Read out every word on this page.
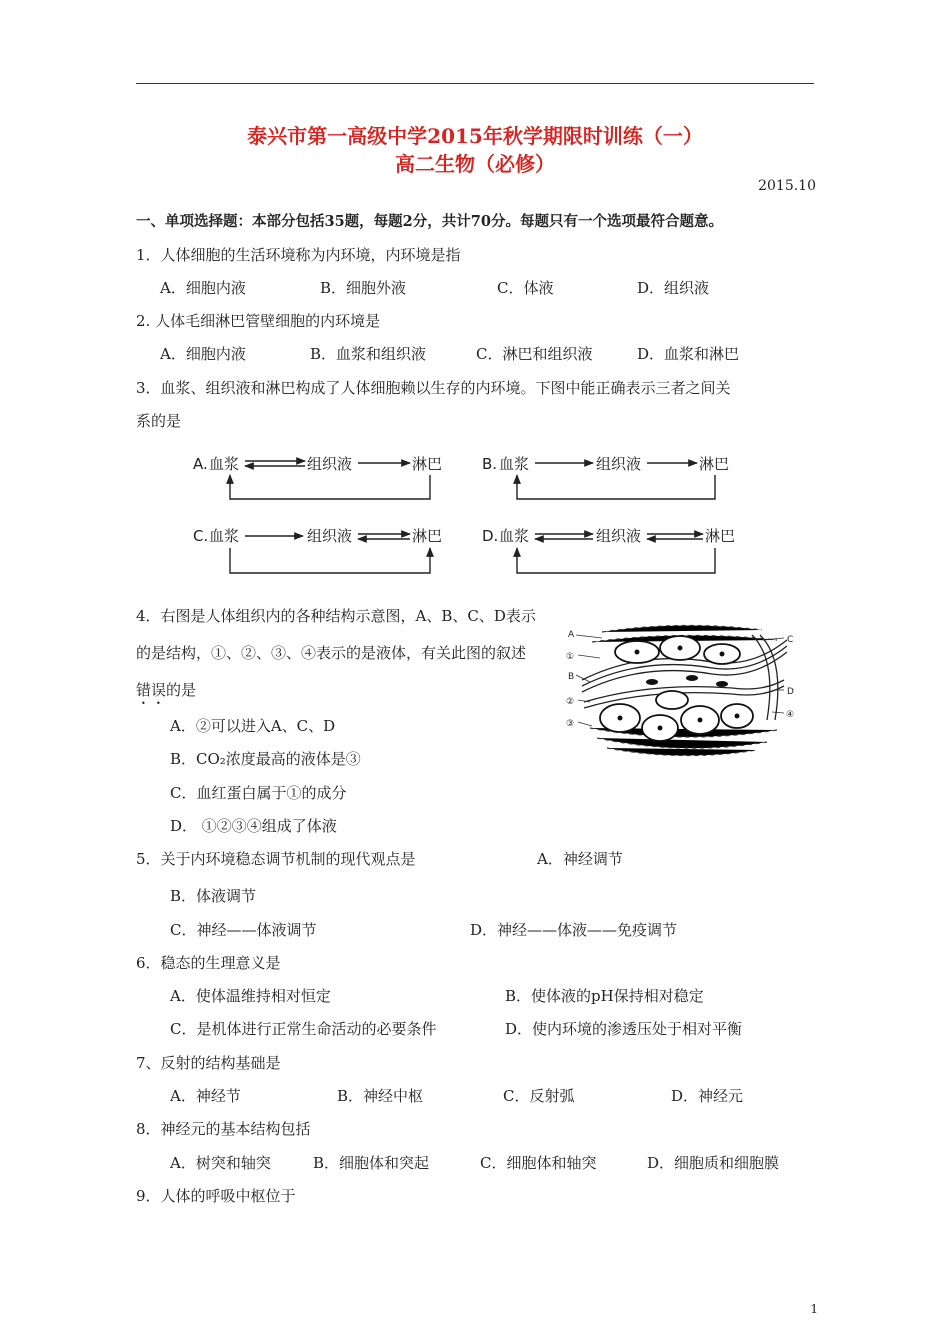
泰兴市第一高级中学2015年秋学期限时训练（一）
高二生物（必修）
2015.10
一、单项选择题：本部分包括35题，每题2分，共计70分。每题只有一个选项最符合题意。
1．人体细胞的生活环境称为内环境，内环境是指
A．细胞内液	B．细胞外液	C．体液	D．组织液
2. 人体毛细淋巴管壁细胞的内环境是
A．细胞内液	B．血浆和组织液	C．淋巴和组织液	D．血浆和淋巴
3．血浆、组织液和淋巴构成了人体细胞赖以生存的内环境。下图中能正确表示三者之间关
系的是
A. 血浆	组织液	淋巴	B. 血浆	组织液	淋巴
C. 血浆	组织液	淋巴	D. 血浆	组织液	淋巴
4．右图是人体组织内的各种结构示意图，A、B、C、D表示
的是结构，①、②、③、④表示的是液体，有关此图的叙述
错误的是
A．②可以进入A、C、D
B．CO₂浓度最高的液体是③
C．血红蛋白属于①的成分
D． ①②③④组成了体液
A
①
B
②
③
C
D
④
5．关于内环境稳态调节机制的现代观点是	A．神经调节
B．体液调节
C．神经——体液调节	D．神经——体液——免疫调节
6．稳态的生理意义是
A．使体温维持相对恒定	B．使体液的pH保持相对稳定
C．是机体进行正常生命活动的必要条件	D．使内环境的渗透压处于相对平衡
7、反射的结构基础是
A．神经节	B．神经中枢	C．反射弧	D．神经元
8．神经元的基本结构包括
A．树突和轴突	B．细胞体和突起	C．细胞体和轴突	D．细胞质和细胞膜
9．人体的呼吸中枢位于
1
